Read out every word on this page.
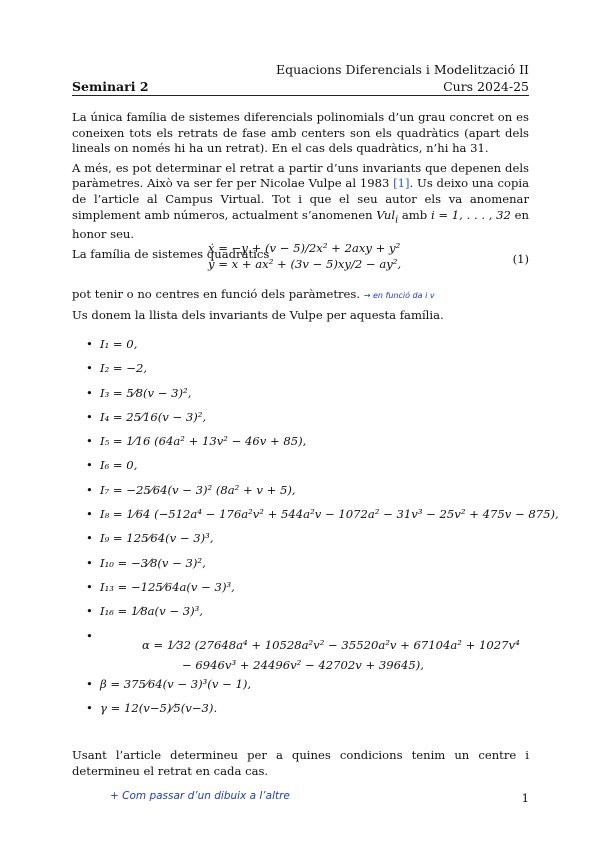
Equacions Diferencials i Modelització II
Curs 2024-25
Seminari 2

La única família de sistemes diferencials polinomials d’un grau concret on es coneixen tots els retrats de fase amb centers son els quadràtics (apart dels lineals on només hi ha un retrat). En el cas dels quadràtics, n’hi ha 31.

A més, es pot determinar el retrat a partir d’uns invariants que depenen dels paràmetres. Això va ser fer per Nicolae Vulpe al 1983 [1]. Us deixo una copia de l’article al Campus Virtual. Tot i que el seu autor els va anomenar simplement amb números, actualment s’anomenen Vul$_i$ amb i = 1, . . . , 32 en honor seu.

La família de sistemes quadràtics

ẋ = −y + (v − 5)/2x² + 2axy + y²
ẏ = x + ax² + (3v − 5)xy/2 − ay²,	(1)

pot tenir o no centres en funció dels paràmetres. → en funció da i v

Us donem la llista dels invariants de Vulpe per aquesta família.

• I₁ = 0,
• I₂ = −2,
• I₃ = 5⁄8(v − 3)²,
• I₄ = 25⁄16(v − 3)²,
• I₅ = 1⁄16 (64a² + 13v² − 46v + 85),
• I₆ = 0,
• I₇ = −25⁄64(v − 3)² (8a² + v + 5),
• I₈ = 1⁄64 (−512a⁴ − 176a²v² + 544a²v − 1072a² − 31v³ − 25v² + 475v − 875),
• I₉ = 125⁄64(v − 3)³,
• I₁₀ = −3⁄8(v − 3)²,
• I₁₃ = −125⁄64a(v − 3)³,
• I₁₆ = 1⁄8a(v − 3)³,
• α = 1⁄32 (27648a⁴ + 10528a²v² − 35520a²v + 67104a² + 1027v⁴
− 6946v³ + 24496v² − 42702v + 39645),
• β = 375⁄64(v − 3)³(v − 1),
• γ = 12(v−5)⁄5(v−3).
Usant l’article determineu per a quines condicions tenim un centre i determineu el retrat en cada cas.
+ Com passar d’un dibuix a l’altre	1
